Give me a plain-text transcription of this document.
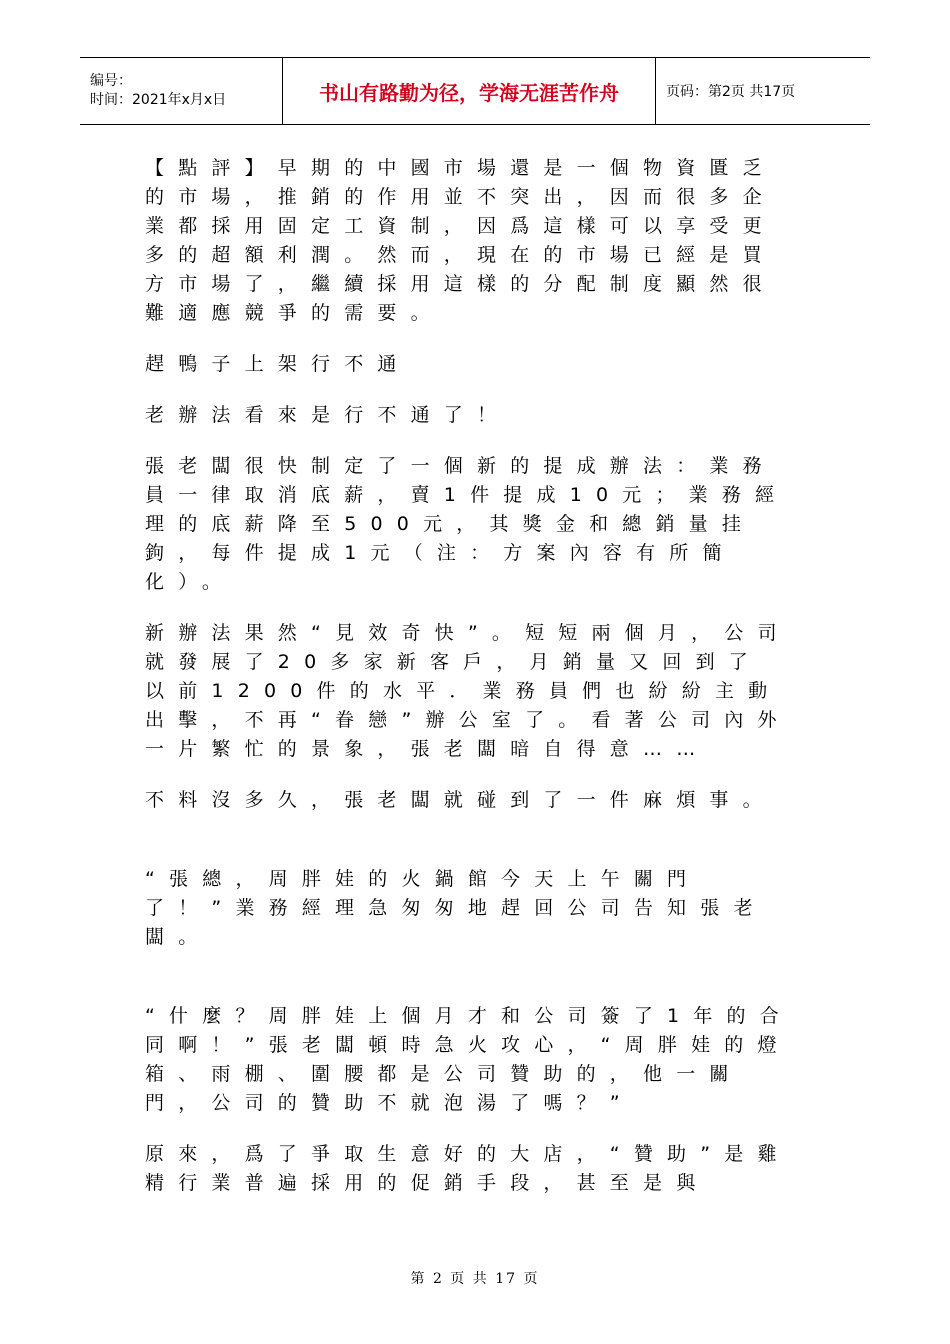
编号：
时间：2021年x月x日	书山有路勤为径，学海无涯苦作舟	页码：第2页 共17页

【點評】早期的中國市場還是一個物資匱乏的市場，推銷的作用並不突出，因而很多企業都採用固定工資制，因爲這樣可以享受更多的超額利潤。然而，現在的市場已經是買方市場了，繼續採用這樣的分配制度顯然很難適應競爭的需要。

趕鴨子上架行不通

老辦法看來是行不通了！

張老闆很快制定了一個新的提成辦法：業務員一律取消底薪，賣1件提成10元；業務經理的底薪降至500元，其獎金和總銷量挂鉤，每件提成1元（注：方案內容有所簡化）。

新辦法果然“見效奇快”。短短兩個月，公司就發展了20多家新客戶，月銷量又回到了以前1200件的水平．業務員們也紛紛主動出擊，不再“眷戀”辦公室了。看著公司內外一片繁忙的景象，張老闆暗自得意……

不料沒多久，張老闆就碰到了一件麻煩事。

“張總，周胖娃的火鍋館今天上午關門了！”業務經理急匆匆地趕回公司告知張老闆。

“什麼？周胖娃上個月才和公司簽了1年的合同啊！”張老闆頓時急火攻心，“周胖娃的燈箱、雨棚、圍腰都是公司贊助的，他一關門，公司的贊助不就泡湯了嗎？”

原來，爲了爭取生意好的大店，“贊助”是雞精行業普遍採用的促銷手段，甚至是與

第 2 页 共 17 页
